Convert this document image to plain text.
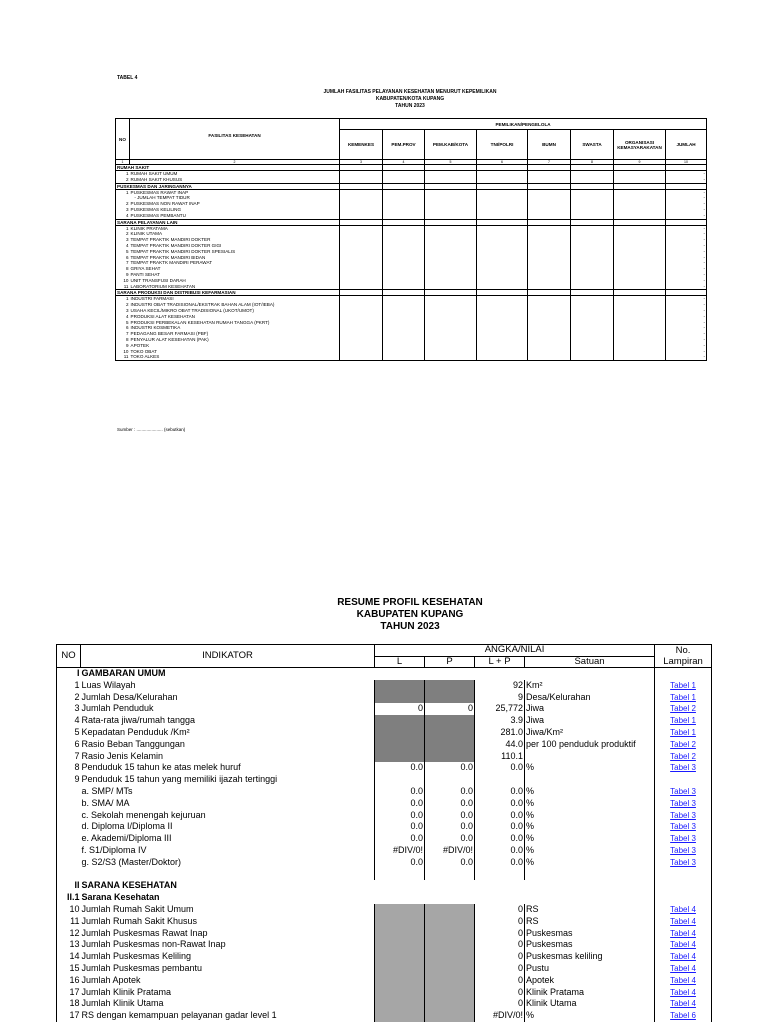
TABEL 4
JUMLAH FASILITAS PELAYANAN KESEHATAN MENURUT KEPEMILIKAN
KABUPATEN/KOTA KUPANG
TAHUN 2023
NO	FASILITAS KESEHATAN	PEMILIKAN/PENGELOLA							
		KEMENKES	PEM.PROV	PEM.KAB/KOTA	TNI/POLRI	BUMN	SWASTA	ORGANISASI KEMASYARAKATAN	JUMLAH
1	2	3	4	5	6	7	8	9	10
RUMAH SAKIT									
1	RUMAH SAKIT UMUM								-
2	RUMAH SAKIT KHUSUS								-
PUSKESMAS DAN JARINGANNYA									
1	PUSKESMAS RAWAT INAP								-
	- JUMLAH TEMPAT TIDUR								-
2	PUSKESMAS NON RAWAT INAP								-
3	PUSKESMAS KELILING								-
4	PUSKESMAS PEMBANTU								-
SARANA PELAYANAN LAIN									
1	KLINIK PRATAMA								-
2	KLINIK UTAMA								-
3	TEMPAT PRAKTIK MANDIRI DOKTER								-
4	TEMPAT PRAKTIK MANDIRI DOKTER GIGI								-
5	TEMPAT PRAKTIK MANDIRI DOKTER SPESIALIS								-
6	TEMPAT PRAKTIK MANDIRI BIDAN								-
7	TEMPAT PRAKTK MANDIRI PERAWAT								-
8	GRIYA SEHAT								-
9	PANTI SEHAT								-
10	UNIT TRANSFUSI DARAH								-
11	LABORATORIUM KESEHATAN								-
SARANA PRODUKSI DAN DISTRIBUSI KEFARMASIAN									
1	INDUSTRI FARMASI								-
2	INDUSTRI OBAT TRADISIONAL/EKSTRAK BAHAN ALAM (IOT/IEBA)								-
3	USAHA KECIL/MIKRO OBAT TRADISIONAL (UKOT/UMOT)								-
4	PRODUKSI ALAT KESEHATAN								-
5	PRODUKSI PERBEKALAN KESEHATAN RUMAH TANGGA (PKRT)								-
6	INDUSTRI KOSMETIKA								-
7	PEDAGANG BESAR FARMASI (PBF)								-
8	PENYALUR ALAT KESEHATAN (PAK)								-
9	APOTEK								-
10	TOKO OBAT								-
11	TOKO ALKES								-
Sumber : ..................... (sebutkan)
RESUME PROFIL KESEHATAN
KABUPATEN KUPANG
TAHUN 2023
NO	INDIKATOR	ANGKA/NILAI				No. Lampiran
		L	P	L + P	Satuan	
I	GAMBARAN UMUM					
1	Luas Wilayah			92	Km²	Tabel 1
2	Jumlah Desa/Kelurahan			9	Desa/Kelurahan	Tabel 1
3	Jumlah Penduduk	0	0	25,772	Jiwa	Tabel 2
4	Rata-rata jiwa/rumah tangga			3.9	Jiwa	Tabel 1
5	Kepadatan Penduduk /Km²			281.0	Jiwa/Km²	Tabel 1
6	Rasio Beban Tanggungan			44.0	per 100 penduduk produktif	Tabel 2
7	Rasio Jenis Kelamin			110.1		Tabel 2
8	Penduduk 15 tahun ke atas melek huruf	0.0	0.0	0.0	%	Tabel 3
9	Penduduk 15 tahun yang memiliki ijazah tertinggi					
	a. SMP/ MTs	0.0	0.0	0.0	%	Tabel 3
	b. SMA/ MA	0.0	0.0	0.0	%	Tabel 3
	c. Sekolah menengah kejuruan	0.0	0.0	0.0	%	Tabel 3
	d. Diploma I/Diploma II	0.0	0.0	0.0	%	Tabel 3
	e. Akademi/Diploma III	0.0	0.0	0.0	%	Tabel 3
	f. S1/Diploma IV	#DIV/0!	#DIV/0!	0.0	%	Tabel 3
	g. S2/S3 (Master/Doktor)	0.0	0.0	0.0	%	Tabel 3

II	SARANA KESEHATAN					
II.1	Sarana Kesehatan					
10	Jumlah Rumah Sakit Umum			0	RS	Tabel 4
11	Jumlah Rumah Sakit Khusus			0	RS	Tabel 4
12	Jumlah Puskesmas Rawat Inap			0	Puskesmas	Tabel 4
13	Jumlah Puskesmas non-Rawat Inap			0	Puskesmas	Tabel 4
14	Jumlah Puskesmas Keliling			0	Puskesmas keliling	Tabel 4
15	Jumlah Puskesmas pembantu			0	Pustu	Tabel 4
16	Jumlah Apotek			0	Apotek	Tabel 4
17	Jumlah Klinik Pratama			0	Klinik Pratama	Tabel 4
18	Jumlah Klinik Utama			0	Klinik Utama	Tabel 4
17	RS dengan kemampuan pelayanan gadar level 1			#DIV/0!	%	Tabel 6
